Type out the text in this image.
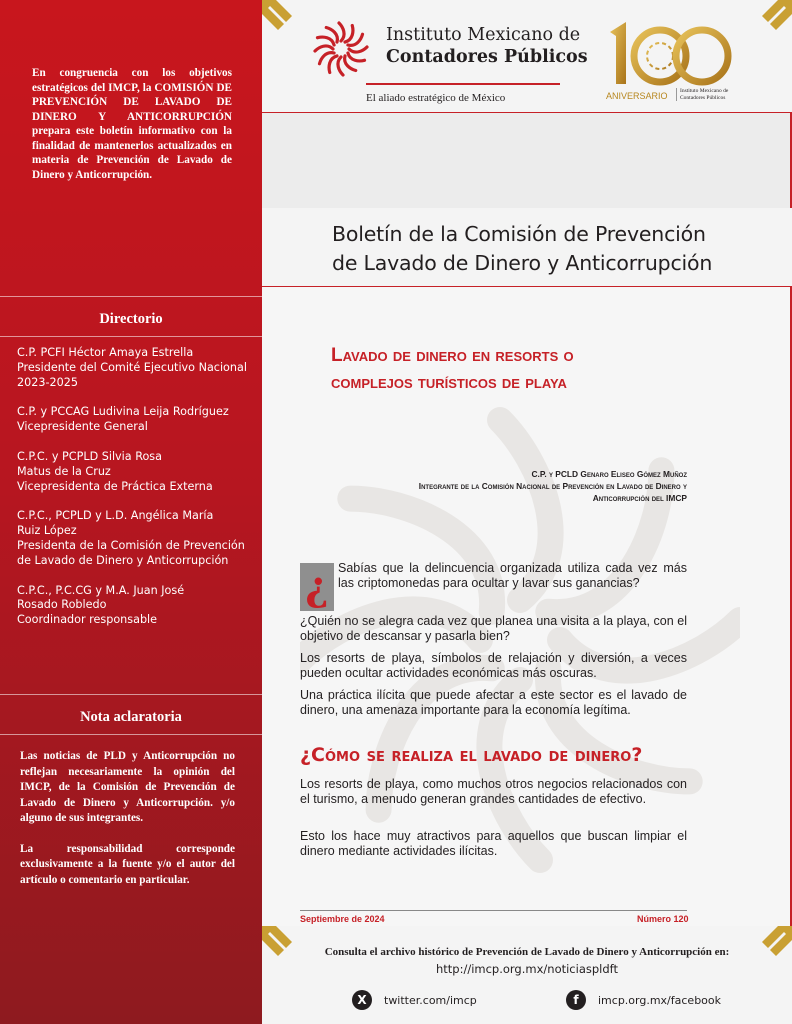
En congruencia con los objetivos estratégicos del IMCP, la COMISIÓN DE PREVENCIÓN DE LAVADO DE DINERO Y ANTICORRUPCIÓN prepara este boletín informativo con la finalidad de mantenerlos actualizados en materia de Prevención de Lavado de Dinero y Anticorrupción.
Directorio
C.P. PCFI Héctor Amaya Estrella
Presidente del Comité Ejecutivo Nacional 2023-2025
C.P. y PCCAG Ludivina Leija Rodríguez
Vicepresidente General
C.P.C. y PCPLD Silvia Rosa
Matus de la Cruz
Vicepresidenta de Práctica Externa
C.P.C., PCPLD y L.D. Angélica María
Ruiz López
Presidenta de la Comisión de Prevención de Lavado de Dinero y Anticorrupción
C.P.C., P.C.CG y M.A. Juan José
Rosado Robledo
Coordinador responsable
Nota aclaratoria

Las noticias de PLD y Anticorrupción no reflejan necesariamente la opinión del IMCP, de la Comisión de Prevención de Lavado de Dinero y Anticorrupción. y/o alguno de sus integrantes.

La responsabilidad corresponde exclusivamente a la fuente y/o el autor del artículo o comentario en particular.

Instituto Mexicano de
Contadores Públicos
El aliado estratégico de México	ANIVERSARIO	Instituto Mexicano de
Contadores Públicos
Boletín de la Comisión de Prevención
de Lavado de Dinero y Anticorrupción
Lavado de dinero en resorts o
complejos turísticos de playa
C.P. y PCLD Genaro Eliseo Gómez Muñoz
Integrante de la Comisión Nacional de Prevención en Lavado de Dinero y
Anticorrupción del IMCP
¿ Sabías que la delincuencia organizada utiliza cada vez más las criptomonedas para ocultar y lavar sus ganancias?
¿Quién no se alegra cada vez que planea una visita a la playa, con el objetivo de descansar y pasarla bien?
Los resorts de playa, símbolos de relajación y diversión, a veces pueden ocultar actividades económicas más oscuras.
Una práctica ilícita que puede afectar a este sector es el lavado de dinero, una amenaza importante para la economía legítima.
¿Cómo se realiza el lavado de dinero?
Los resorts de playa, como muchos otros negocios relacionados con el turismo, a menudo generan grandes cantidades de efectivo.
Esto los hace muy atractivos para aquellos que buscan limpiar el dinero mediante actividades ilícitas.
Septiembre de 2024	Número 120
Consulta el archivo histórico de Prevención de Lavado de Dinero y Anticorrupción en:
http://imcp.org.mx/noticiaspldft
X	twitter.com/imcp	f	imcp.org.mx/facebook
